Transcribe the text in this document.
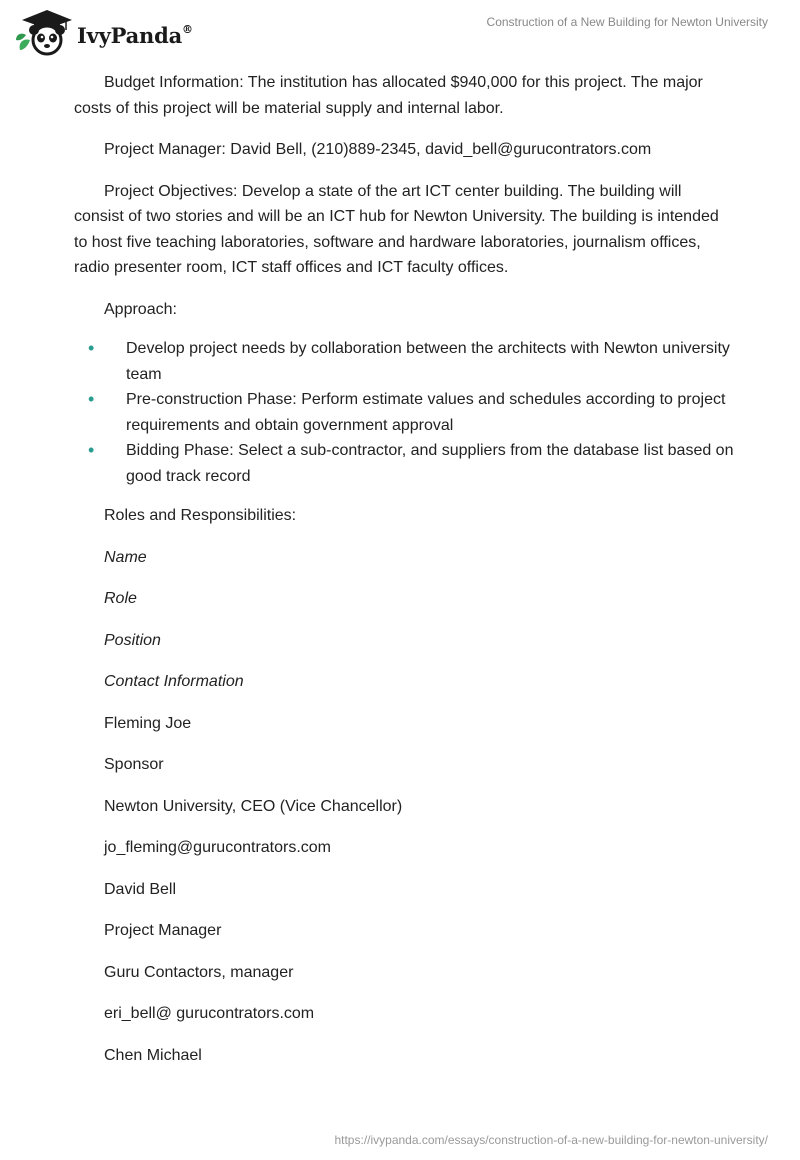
IvyPanda®
Construction of a New Building for Newton University

Budget Information: The institution has allocated $940,000 for this project. The major costs of this project will be material supply and internal labor.

Project Manager: David Bell, (210)889-2345, david_bell@gurucontrators.com

Project Objectives: Develop a state of the art ICT center building. The building will consist of two stories and will be an ICT hub for Newton University. The building is intended to host five teaching laboratories, software and hardware laboratories, journalism offices, radio presenter room, ICT staff offices and ICT faculty offices.

Approach:

• Develop project needs by collaboration between the architects with Newton university team
• Pre-construction Phase: Perform estimate values and schedules according to project requirements and obtain government approval
• Bidding Phase: Select a sub-contractor, and suppliers from the database list based on good track record

Roles and Responsibilities:

Name

Role

Position

Contact Information

Fleming Joe

Sponsor

Newton University, CEO (Vice Chancellor)

jo_fleming@gurucontrators.com

David Bell

Project Manager

Guru Contactors, manager

eri_bell@ gurucontrators.com

Chen Michael

https://ivypanda.com/essays/construction-of-a-new-building-for-newton-university/
